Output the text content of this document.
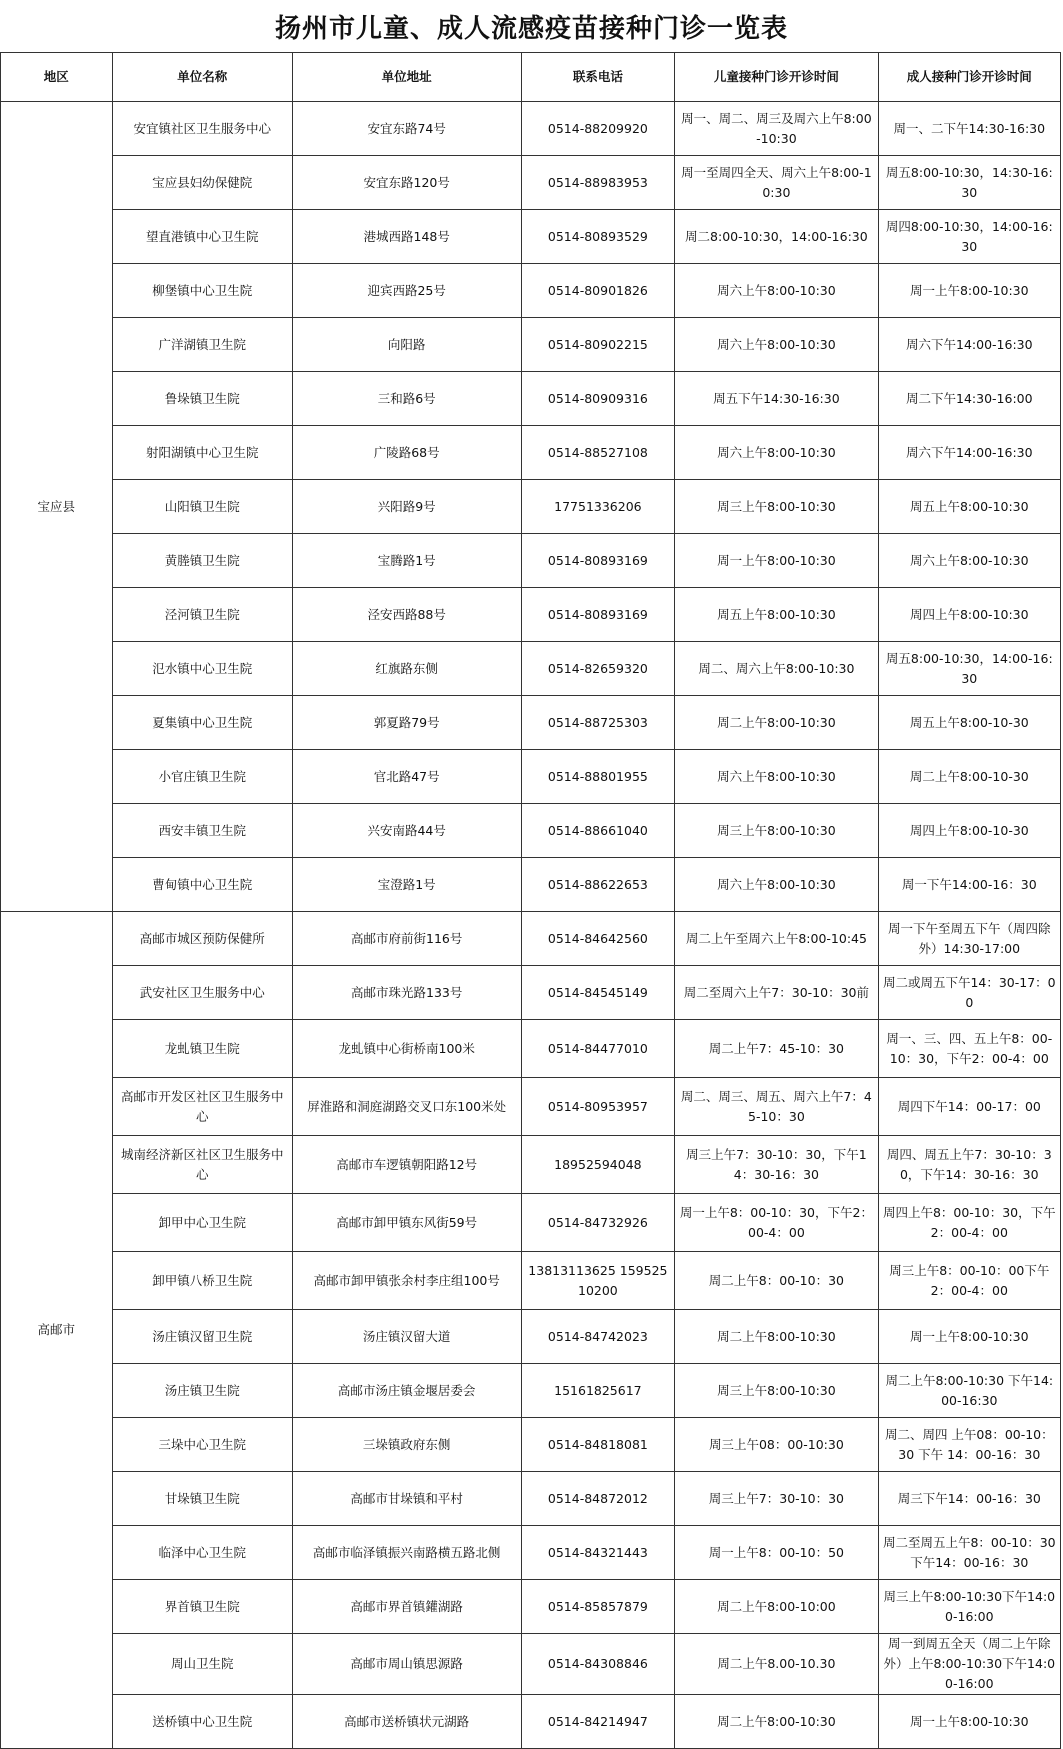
扬州市儿童、成人流感疫苗接种门诊一览表
地区	单位名称	单位地址	联系电话	儿童接种门诊开诊时间	成人接种门诊开诊时间
宝应县	安宜镇社区卫生服务中心	安宜东路74号	0514-88209920	周一、周二、周三及周六上午8:00-10:30	周一、二下午14:30-16:30
	宝应县妇幼保健院	安宜东路120号	0514-88983953	周一至周四全天、周六上午8:00-10:30	周五8:00-10:30，14:30-16:30
	望直港镇中心卫生院	港城西路148号	0514-80893529	周二8:00-10:30，14:00-16:30	周四8:00-10:30，14:00-16:30
	柳堡镇中心卫生院	迎宾西路25号	0514-80901826	周六上午8:00-10:30	周一上午8:00-10:30
	广洋湖镇卫生院	向阳路	0514-80902215	周六上午8:00-10:30	周六下午14:00-16:30
	鲁垛镇卫生院	三和路6号	0514-80909316	周五下午14:30-16:30	周二下午14:30-16:00
	射阳湖镇中心卫生院	广陵路68号	0514-88527108	周六上午8:00-10:30	周六下午14:00-16:30
	山阳镇卫生院	兴阳路9号	17751336206	周三上午8:00-10:30	周五上午8:00-10:30
	黄塍镇卫生院	宝腾路1号	0514-80893169	周一上午8:00-10:30	周六上午8:00-10:30
	泾河镇卫生院	泾安西路88号	0514-80893169	周五上午8:00-10:30	周四上午8:00-10:30
	氾水镇中心卫生院	红旗路东侧	0514-82659320	周二、周六上午8:00-10:30	周五8:00-10:30，14:00-16:30
	夏集镇中心卫生院	郭夏路79号	0514-88725303	周二上午8:00-10:30	周五上午8:00-10-30
	小官庄镇卫生院	官北路47号	0514-88801955	周六上午8:00-10:30	周二上午8:00-10-30
	西安丰镇卫生院	兴安南路44号	0514-88661040	周三上午8:00-10:30	周四上午8:00-10-30
	曹甸镇中心卫生院	宝澄路1号	0514-88622653	周六上午8:00-10:30	周一下午14:00-16：30
高邮市	高邮市城区预防保健所	高邮市府前街116号	0514-84642560	周二上午至周六上午8:00-10:45	周一下午至周五下午（周四除外）14:30-17:00
	武安社区卫生服务中心	高邮市珠光路133号	0514-84545149	周二至周六上午7：30-10：30前	周二或周五下午14：30-17：00
	龙虬镇卫生院	龙虬镇中心街桥南100米	0514-84477010	周二上午7：45-10：30	周一、三、四、五上午8：00-10：30，下午2：00-4：00
	高邮市开发区社区卫生服务中心	屏淮路和洞庭湖路交叉口东100米处	0514-80953957	周二、周三、周五、周六上午7：45-10：30	周四下午14：00-17：00
	城南经济新区社区卫生服务中心	高邮市车逻镇朝阳路12号	18952594048	周三上午7：30-10：30，下午14：30-16：30	周四、周五上午7：30-10：30，下午14：30-16：30
	卸甲中心卫生院	高邮市卸甲镇东风街59号	0514-84732926	周一上午8：00-10：30，下午2：00-4：00	周四上午8：00-10：30，下午2：00-4：00
	卸甲镇八桥卫生院	高邮市卸甲镇张余村李庄组100号	13813113625 15952510200	周二上午8：00-10：30	周三上午8：00-10：00下午2：00-4：00
	汤庄镇汉留卫生院	汤庄镇汉留大道	0514-84742023	周二上午8:00-10:30	周一上午8:00-10:30
	汤庄镇卫生院	高邮市汤庄镇金堰居委会	15161825617	周三上午8:00-10:30	周二上午8:00-10:30 下午14:00-16:30
	三垛中心卫生院	三垛镇政府东侧	0514-84818081	周三上午08：00-10:30	周二、周四 上午08：00-10：30 下午 14：00-16：30
	甘垛镇卫生院	高邮市甘垛镇和平村	0514-84872012	周三上午7：30-10：30	周三下午14：00-16：30
	临泽中心卫生院	高邮市临泽镇振兴南路横五路北侧	0514-84321443	周一上午8：00-10：50	周二至周五上午8：00-10：30下午14：00-16：30
	界首镇卫生院	高邮市界首镇鑵湖路	0514-85857879	周二上午8:00-10:00	周三上午8:00-10:30下午14:00-16:00
	周山卫生院	高邮市周山镇思源路	0514-84308846	周二上午8.00-10.30	周一到周五全天（周二上午除外）上午8:00-10:30下午14:00-16:00
	送桥镇中心卫生院	高邮市送桥镇状元湖路	0514-84214947	周二上午8:00-10:30	周一上午8:00-10:30
